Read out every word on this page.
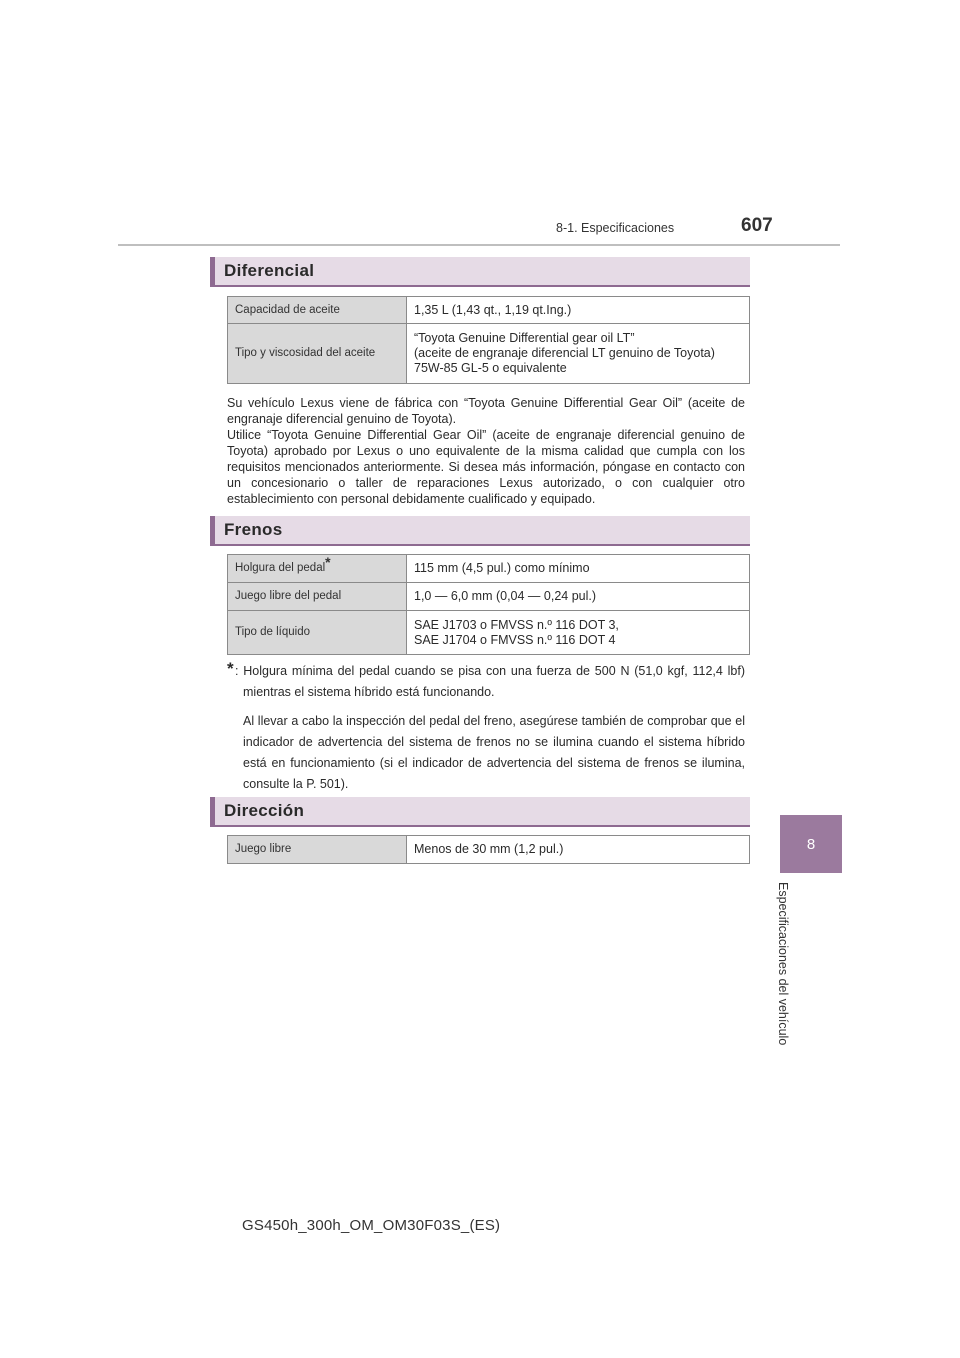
8-1. Especificaciones	607
8
Especificaciones del vehículo
Diferencial
Capacidad de aceite	1,35 L (1,43 qt., 1,19 qt.Ing.)

Tipo y viscosidad del aceite	“Toyota Genuine Differential gear oil LT”
(aceite de engranaje diferencial LT genuino de Toyota)
75W-85 GL-5 o equivalente

Su vehículo Lexus viene de fábrica con “Toyota Genuine Differential Gear Oil” (aceite de engranaje diferencial genuino de Toyota).

Utilice “Toyota Genuine Differential Gear Oil” (aceite de engranaje diferencial genuino de Toyota) aprobado por Lexus o uno equivalente de la misma calidad que cumpla con los requisitos mencionados anteriormente. Si desea más información, póngase en contacto con un concesionario o taller de reparaciones Lexus autorizado, o con cualquier otro establecimiento con personal debidamente cualificado y equipado.

Frenos
Holgura del pedal*	115 mm (4,5 pul.) como mínimo

Juego libre del pedal	1,0 — 6,0 mm (0,04 — 0,24 pul.)

Tipo de líquido	SAE J1703 o FMVSS n.º 116 DOT 3,
SAE J1704 o FMVSS n.º 116 DOT 4
* : Holgura mínima del pedal cuando se pisa con una fuerza de 500 N (51,0 kgf, 112,4 lbf) mientras el sistema híbrido está funcionando.

Al llevar a cabo la inspección del pedal del freno, asegúrese también de comprobar que el indicador de advertencia del sistema de frenos no se ilumina cuando el sistema híbrido está en funcionamiento (si el indicador de advertencia del sistema de frenos se ilumina, consulte la P. 501).

Dirección
Juego libre	Menos de 30 mm (1,2 pul.)
GS450h_300h_OM_OM30F03S_(ES)
